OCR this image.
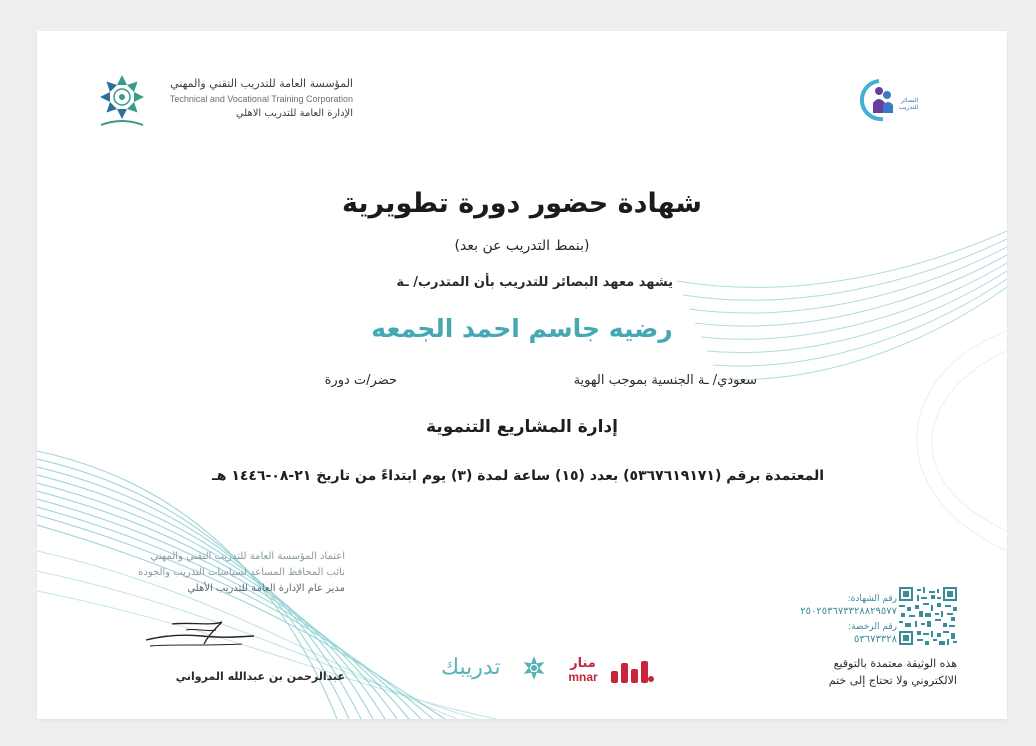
المؤسسة العامة للتدريب التقني والمهني
Technical and Vocational Training Corporation
الإدارة العامة للتدريب الاهلي
البصائر
للتدريب
شهادة حضور دورة تطويرية
(بنمط التدريب عن بعد)
يشهد معهد البصائر للتدريب بأن المتدرب/ ـة
رضيه جاسم احمد الجمعه
سعودي/ ـة الجنسية بموجب الهوية
حضر/ت دورة
إدارة المشاريع التنموية
المعتمدة برقم (٥٣٦٧٦١٩١٧١) بعدد (١٥) ساعة لمدة (٣) يوم ابتداءً من تاريخ ٢١-٠٨-١٤٤٦ هـ
اعتماد المؤسسة العامة للتدريب التقني والمهني
نائب المحافظ المساعد لسياسات التدريب والجودة
مدير عام الإدارة العامة للتدريب الأهلي
عبدالرحمن بن عبدالله المرواني	تدريبك	منار
mnar
رقم الشهادة:
٢٥٠٢٥٣٦٧٣٣٢٨٨٢٩٥٧٧
رقم الرخصة:
٥٣٦٧٣٣٢٨
هذه الوثيقة معتمدة بالتوقيع
الالكتروني ولا تحتاج إلى ختم
